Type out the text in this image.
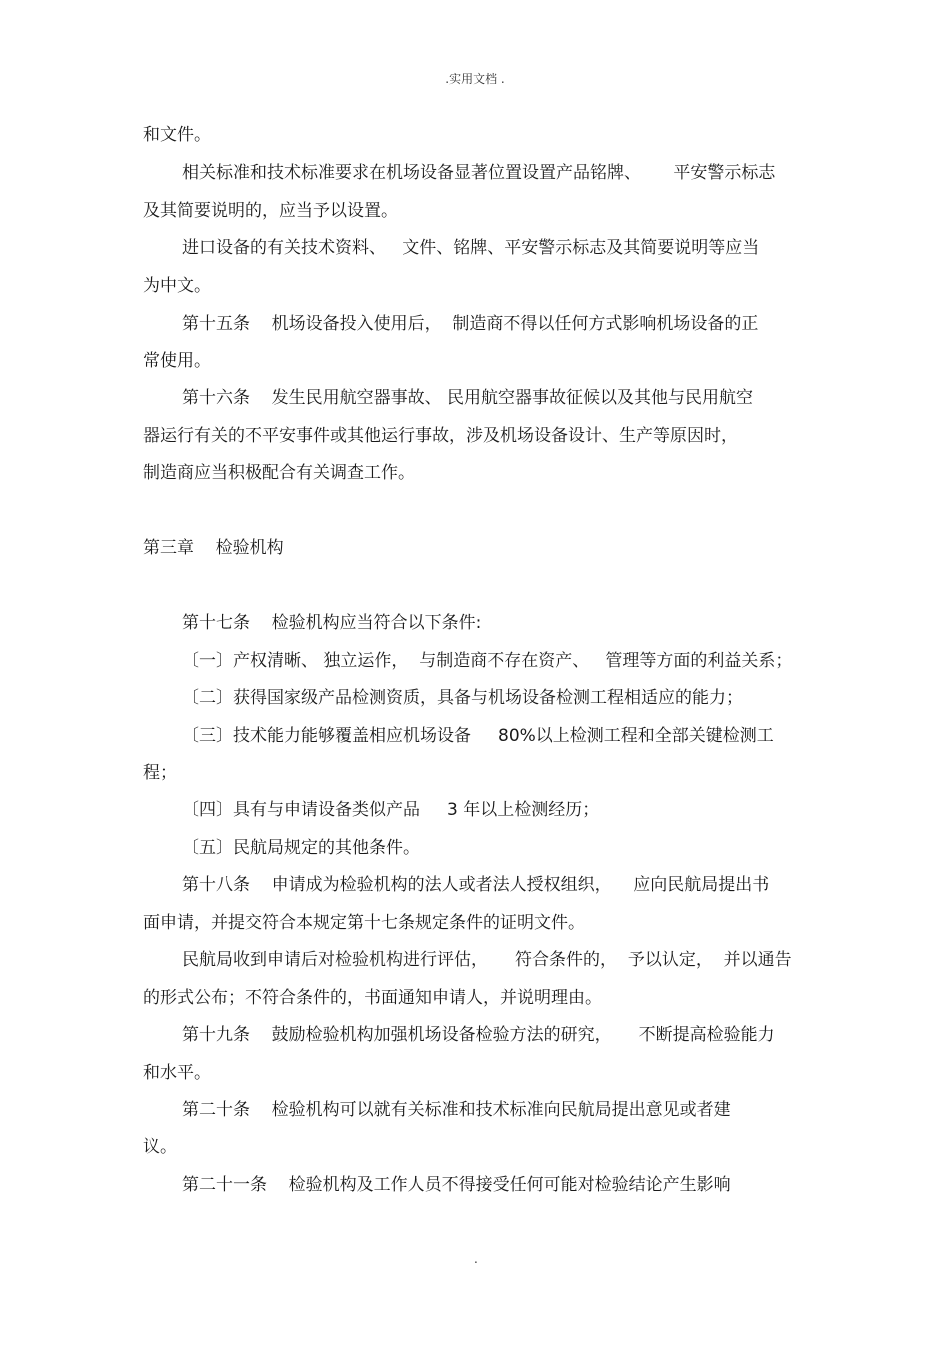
.实用文档 .
和文件。
相关标准和技术标准要求在机场设备显著位置设置产品铭牌、      平安警示标志
及其简要说明的，应当予以设置。
进口设备的有关技术资料、   文件、铭牌、平安警示标志及其简要说明等应当
为中文。
第十五条    机场设备投入使用后，  制造商不得以任何方式影响机场设备的正
常使用。
第十六条    发生民用航空器事故、 民用航空器事故征候以及其他与民用航空
器运行有关的不平安事件或其他运行事故，涉及机场设备设计、生产等原因时，
制造商应当积极配合有关调查工作。
第三章    检验机构
第十七条    检验机构应当符合以下条件:
〔一〕产权清晰、 独立运作，  与制造商不存在资产、   管理等方面的利益关系；
〔二〕获得国家级产品检测资质，具备与机场设备检测工程相适应的能力；
〔三〕技术能力能够覆盖相应机场设备     80%以上检测工程和全部关键检测工
程；
〔四〕具有与申请设备类似产品     3 年以上检测经历；
〔五〕民航局规定的其他条件。
第十八条    申请成为检验机构的法人或者法人授权组织，    应向民航局提出书
面申请，并提交符合本规定第十七条规定条件的证明文件。
民航局收到申请后对检验机构进行评估，     符合条件的，  予以认定，  并以通告
的形式公布；不符合条件的，书面通知申请人，并说明理由。
第十九条    鼓励检验机构加强机场设备检验方法的研究，     不断提高检验能力
和水平。
第二十条    检验机构可以就有关标准和技术标准向民航局提出意见或者建
议。
第二十一条    检验机构及工作人员不得接受任何可能对检验结论产生影响
.
